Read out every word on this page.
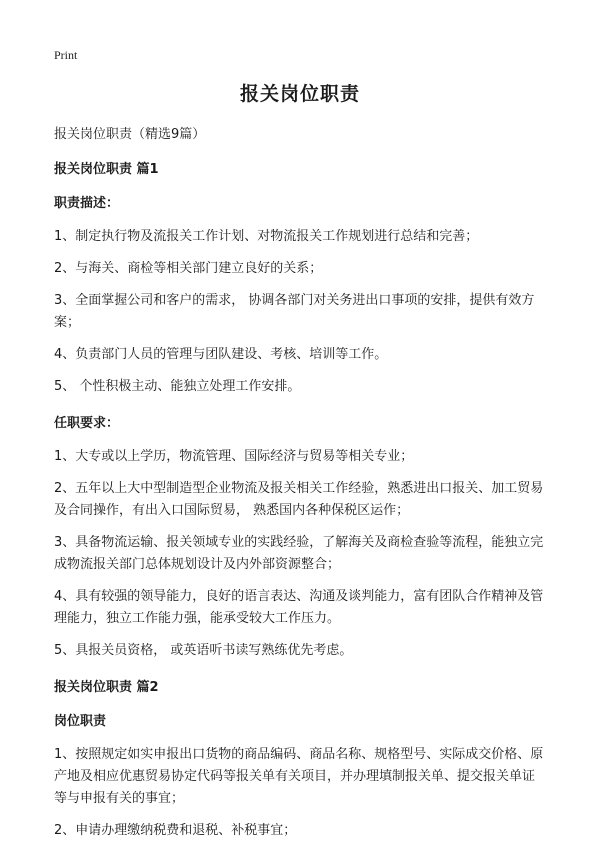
Print
报关岗位职责
报关岗位职责（精选9篇）
报关岗位职责 篇1
职责描述：
1、制定执行物及流报关工作计划、对物流报关工作规划进行总结和完善；
2、与海关、商检等相关部门建立良好的关系；
3、全面掌握公司和客户的需求， 协调各部门对关务进出口事项的安排，提供有效方案；
4、负责部门人员的管理与团队建设、考核、培训等工作。
5、 个性积极主动、能独立处理工作安排。
任职要求：
1、大专或以上学历，物流管理、国际经济与贸易等相关专业；
2、五年以上大中型制造型企业物流及报关相关工作经验，熟悉进出口报关、加工贸易及合同操作，有出入口国际贸易， 熟悉国内各种保税区运作；
3、具备物流运输、报关领域专业的实践经验，了解海关及商检查验等流程，能独立完成物流报关部门总体规划设计及内外部资源整合；
4、具有较强的领导能力，良好的语言表达、沟通及谈判能力，富有团队合作精神及管理能力，独立工作能力强，能承受较大工作压力。
5、具报关员资格， 或英语听书读写熟练优先考虑。
报关岗位职责 篇2
岗位职责
1、按照规定如实申报出口货物的商品编码、商品名称、规格型号、实际成交价格、原产地及相应优惠贸易协定代码等报关单有关项目，并办理填制报关单、提交报关单证等与申报有关的事宜；
2、申请办理缴纳税费和退税、补税事宜；
